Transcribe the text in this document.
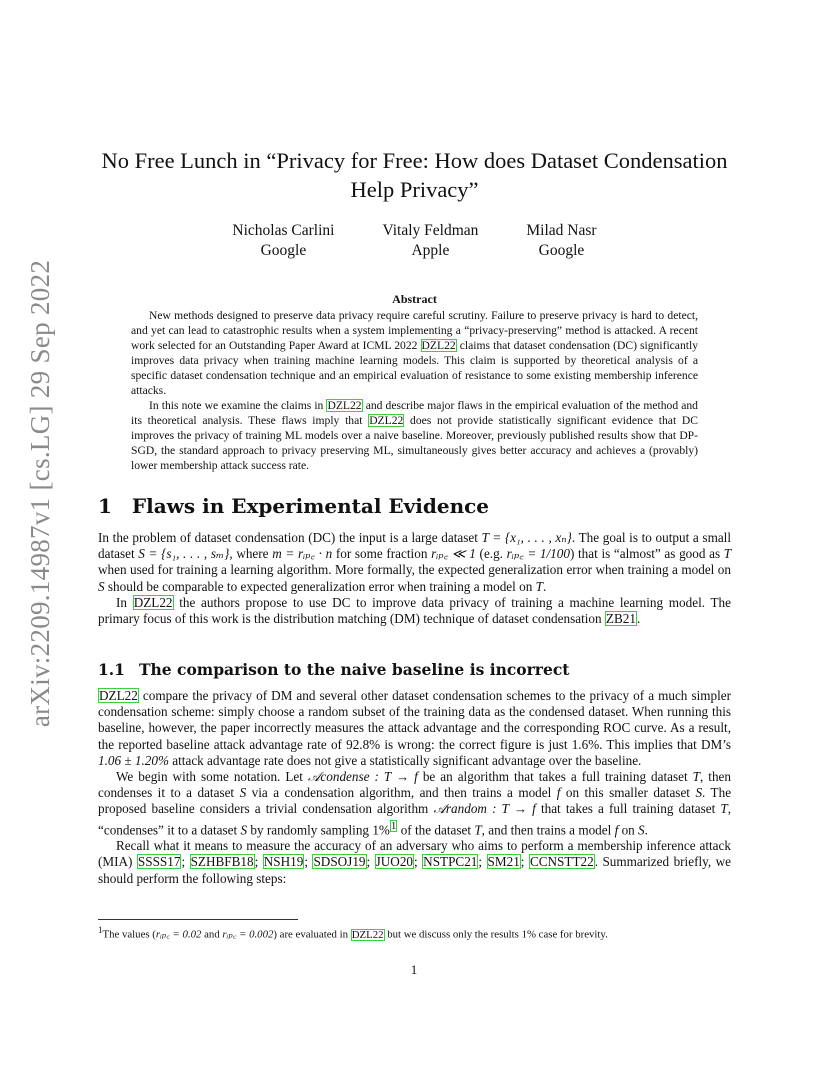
arXiv:2209.14987v1 [cs.LG] 29 Sep 2022
No Free Lunch in “Privacy for Free: How does Dataset Condensation Help Privacy”
Nicholas Carlini
Google
Vitaly Feldman
Apple
Milad Nasr
Google
Abstract

New methods designed to preserve data privacy require careful scrutiny. Failure to preserve privacy is hard to detect, and yet can lead to catastrophic results when a system implementing a “privacy-preserving” method is attacked. A recent work selected for an Outstanding Paper Award at ICML 2022 DZL22 claims that dataset condensation (DC) significantly improves data privacy when training machine learning models. This claim is supported by theoretical analysis of a specific dataset condensation technique and an empirical evaluation of resistance to some existing membership inference attacks.

In this note we examine the claims in DZL22 and describe major flaws in the empirical evaluation of the method and its theoretical analysis. These flaws imply that DZL22 does not provide statistically significant evidence that DC improves the privacy of training ML models over a naive baseline. Moreover, previously published results show that DP-SGD, the standard approach to privacy preserving ML, simultaneously gives better accuracy and achieves a (provably) lower membership attack success rate.

1 Flaws in Experimental Evidence

In the problem of dataset condensation (DC) the input is a large dataset T = {x₁, . . . , xₙ}. The goal is to output a small dataset S = {s₁, . . . , sₘ}, where m = rᵢₚ꜀ · n for some fraction rᵢₚ꜀ ≪ 1 (e.g. rᵢₚ꜀ = 1/100) that is “almost” as good as T when used for training a learning algorithm. More formally, the expected generalization error when training a model on S should be comparable to expected generalization error when training a model on T.

In DZL22 the authors propose to use DC to improve data privacy of training a machine learning model. The primary focus of this work is the distribution matching (DM) technique of dataset condensation ZB21.

1.1 The comparison to the naive baseline is incorrect

DZL22 compare the privacy of DM and several other dataset condensation schemes to the privacy of a much simpler condensation scheme: simply choose a random subset of the training data as the condensed dataset. When running this baseline, however, the paper incorrectly measures the attack advantage and the corresponding ROC curve. As a result, the reported baseline attack advantage rate of 92.8% is wrong: the correct figure is just 1.6%. This implies that DM’s 1.06 ± 1.20% attack advantage rate does not give a statistically significant advantage over the baseline.

We begin with some notation. Let 𝒜condense : T → f be an algorithm that takes a full training dataset T, then condenses it to a dataset S via a condensation algorithm, and then trains a model f on this smaller dataset S. The proposed baseline considers a trivial condensation algorithm 𝒜random : T → f that takes a full training dataset T, “condenses” it to a dataset S by randomly sampling 1%$^1$ of the dataset T, and then trains a model f on S.

Recall what it means to measure the accuracy of an adversary who aims to perform a membership inference attack (MIA) SSSS17; SZHBFB18; NSH19; SDSOJ19; JUO20; NSTPC21; SM21; CCNSTT22. Summarized briefly, we should perform the following steps:

$^1$The values (rᵢₚ꜀ = 0.02 and rᵢₚ꜀ = 0.002) are evaluated in DZL22 but we discuss only the results 1% case for brevity.
1
